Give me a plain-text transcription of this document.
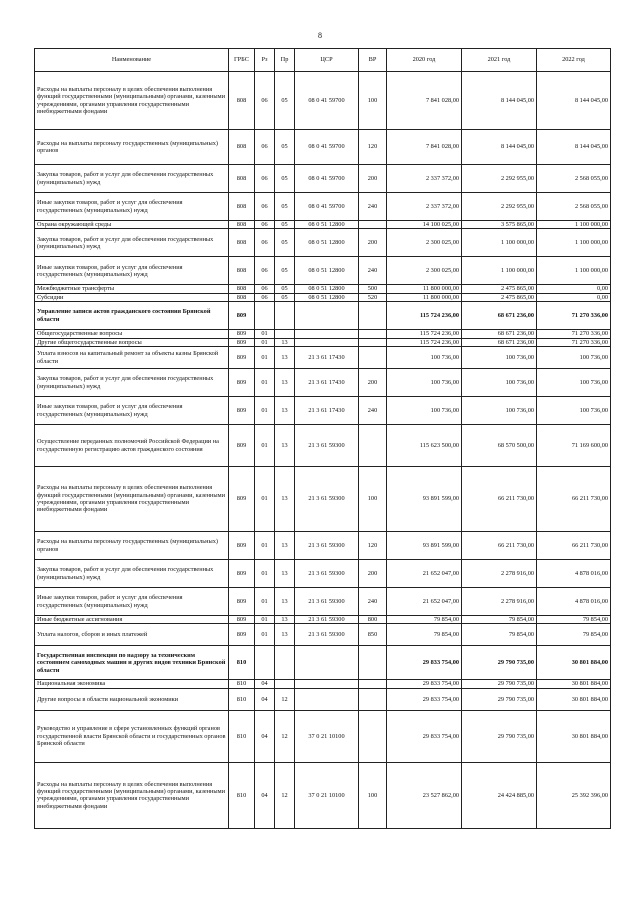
8
Наименование	ГРБС	Рз	Пр	ЦСР	ВР	2020 год	2021 год	2022 год
Расходы на выплаты персоналу в целях обеспечения выполнения функций государственными (муниципальными) органами, казенными учреждениями, органами управления государственными внебюджетными фондами	808	06	05	08 0 41 59700	100	7 841 028,00	8 144 045,00	8 144 045,00
Расходы на выплаты персоналу государственных (муниципальных) органов	808	06	05	08 0 41 59700	120	7 841 028,00	8 144 045,00	8 144 045,00
Закупка товаров, работ и услуг для обеспечения государственных (муниципальных) нужд	808	06	05	08 0 41 59700	200	2 337 372,00	2 292 955,00	2 568 055,00
Иные закупки товаров, работ и услуг для обеспечения государственных (муниципальных) нужд	808	06	05	08 0 41 59700	240	2 337 372,00	2 292 955,00	2 568 055,00
Охрана окружающей среды	808	06	05	08 0 51 12800		14 100 025,00	3 575 865,00	1 100 000,00
Закупка товаров, работ и услуг для обеспечения государственных (муниципальных) нужд	808	06	05	08 0 51 12800	200	2 300 025,00	1 100 000,00	1 100 000,00
Иные закупки товаров, работ и услуг для обеспечения государственных (муниципальных) нужд	808	06	05	08 0 51 12800	240	2 300 025,00	1 100 000,00	1 100 000,00
Межбюджетные трансферты	808	06	05	08 0 51 12800	500	11 800 000,00	2 475 865,00	0,00
Субсидии	808	06	05	08 0 51 12800	520	11 800 000,00	2 475 865,00	0,00
Управление записи актов гражданского состояния Брянской области	809					115 724 236,00	68 671 236,00	71 270 336,00
Общегосударственные вопросы	809	01				115 724 236,00	68 671 236,00	71 270 336,00
Другие общегосударственные вопросы	809	01	13			115 724 236,00	68 671 236,00	71 270 336,00
Уплата взносов на капитальный ремонт за объекты казны Брянской области	809	01	13	21 3 61 17430		100 736,00	100 736,00	100 736,00
Закупка товаров, работ и услуг для обеспечения государственных (муниципальных) нужд	809	01	13	21 3 61 17430	200	100 736,00	100 736,00	100 736,00
Иные закупки товаров, работ и услуг для обеспечения государственных (муниципальных) нужд	809	01	13	21 3 61 17430	240	100 736,00	100 736,00	100 736,00
Осуществление переданных полномочий Российской Федерации на государственную регистрацию актов гражданского состояния	809	01	13	21 3 61 59300		115 623 500,00	68 570 500,00	71 169 600,00
Расходы на выплаты персоналу в целях обеспечения выполнения функций государственными (муниципальными) органами, казенными учреждениями, органами управления государственными внебюджетными фондами	809	01	13	21 3 61 59300	100	93 891 599,00	66 211 730,00	66 211 730,00
Расходы на выплаты персоналу государственных (муниципальных) органов	809	01	13	21 3 61 59300	120	93 891 599,00	66 211 730,00	66 211 730,00
Закупка товаров, работ и услуг для обеспечения государственных (муниципальных) нужд	809	01	13	21 3 61 59300	200	21 652 047,00	2 278 916,00	4 878 016,00
Иные закупки товаров, работ и услуг для обеспечения государственных (муниципальных) нужд	809	01	13	21 3 61 59300	240	21 652 047,00	2 278 916,00	4 878 016,00
Иные бюджетные ассигнования	809	01	13	21 3 61 59300	800	79 854,00	79 854,00	79 854,00
Уплата налогов, сборов и иных платежей	809	01	13	21 3 61 59300	850	79 854,00	79 854,00	79 854,00
Государственная инспекция по надзору за техническим состоянием самоходных машин и других видов техники Брянской области	810					29 833 754,00	29 790 735,00	30 801 884,00
Национальная экономика	810	04				29 833 754,00	29 790 735,00	30 801 884,00
Другие вопросы в области национальной экономики	810	04	12			29 833 754,00	29 790 735,00	30 801 884,00
Руководство и управление в сфере установленных функций органов государственной власти Брянской области и государственных органов Брянской области	810	04	12	37 0 21 10100		29 833 754,00	29 790 735,00	30 801 884,00
Расходы на выплаты персоналу в целях обеспечения выполнения функций государственными (муниципальными) органами, казенными учреждениями, органами управления государственными внебюджетными фондами	810	04	12	37 0 21 10100	100	23 527 862,00	24 424 885,00	25 392 396,00
